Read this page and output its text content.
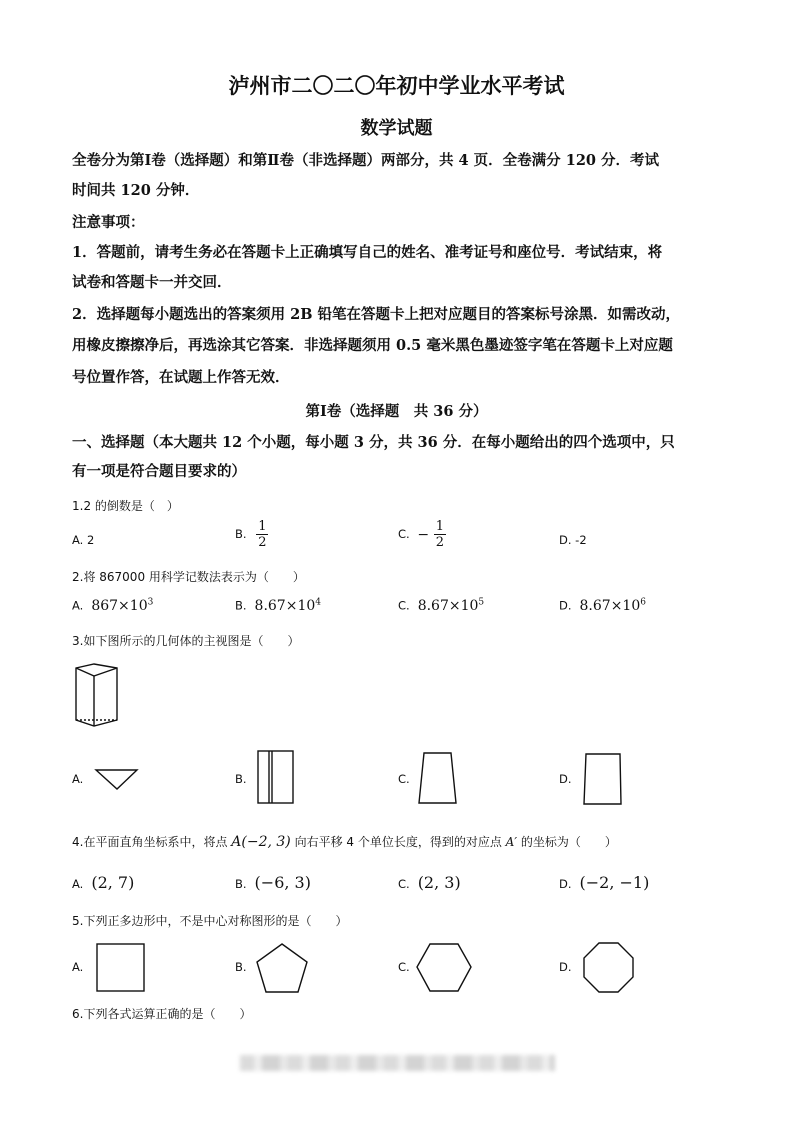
泸州市二〇二〇年初中学业水平考试
数学试题
全卷分为第Ⅰ卷（选择题）和第Ⅱ卷（非选择题）两部分，共 4 页．全卷满分 120 分．考试
时间共 120 分钟．
注意事项：
1．答题前，请考生务必在答题卡上正确填写自己的姓名、准考证号和座位号．考试结束，将
试卷和答题卡一并交回．
2．选择题每小题选出的答案须用 2B 铅笔在答题卡上把对应题目的答案标号涂黑．如需改动，
用橡皮擦擦净后，再选涂其它答案．非选择题须用 0.5 毫米黑色墨迹签字笔在答题卡上对应题
号位置作答，在试题上作答无效．
第Ⅰ卷（选择题　共 36 分）
一、选择题（本大题共 12 个小题，每小题 3 分，共 36 分．在每小题给出的四个选项中，只
有一项是符合题目要求的）
1.2 的倒数是（　）
A. 2	B. $\frac{1}{2}$	C. − $\frac{1}{2}$	D. -2
2.将 867000 用科学记数法表示为（　　）
A. $867\times 10^3$	B. $8.67\times 10^4$	C. $8.67\times 10^5$	D. $8.67\times 10^6$
3.如下图所示的几何体的主视图是（　　）
A.	B.	C.	D.
4.在平面直角坐标系中，将点 A(−2, 3) 向右平移 4 个单位长度，得到的对应点 A′ 的坐标为（　　）
A. (2, 7)	B. (−6, 3)	C. (2, 3)	D. (−2, −1)
5.下列正多边形中，不是中心对称图形的是（　　）
A.	B.	C.	D.
6.下列各式运算正确的是（　　）
